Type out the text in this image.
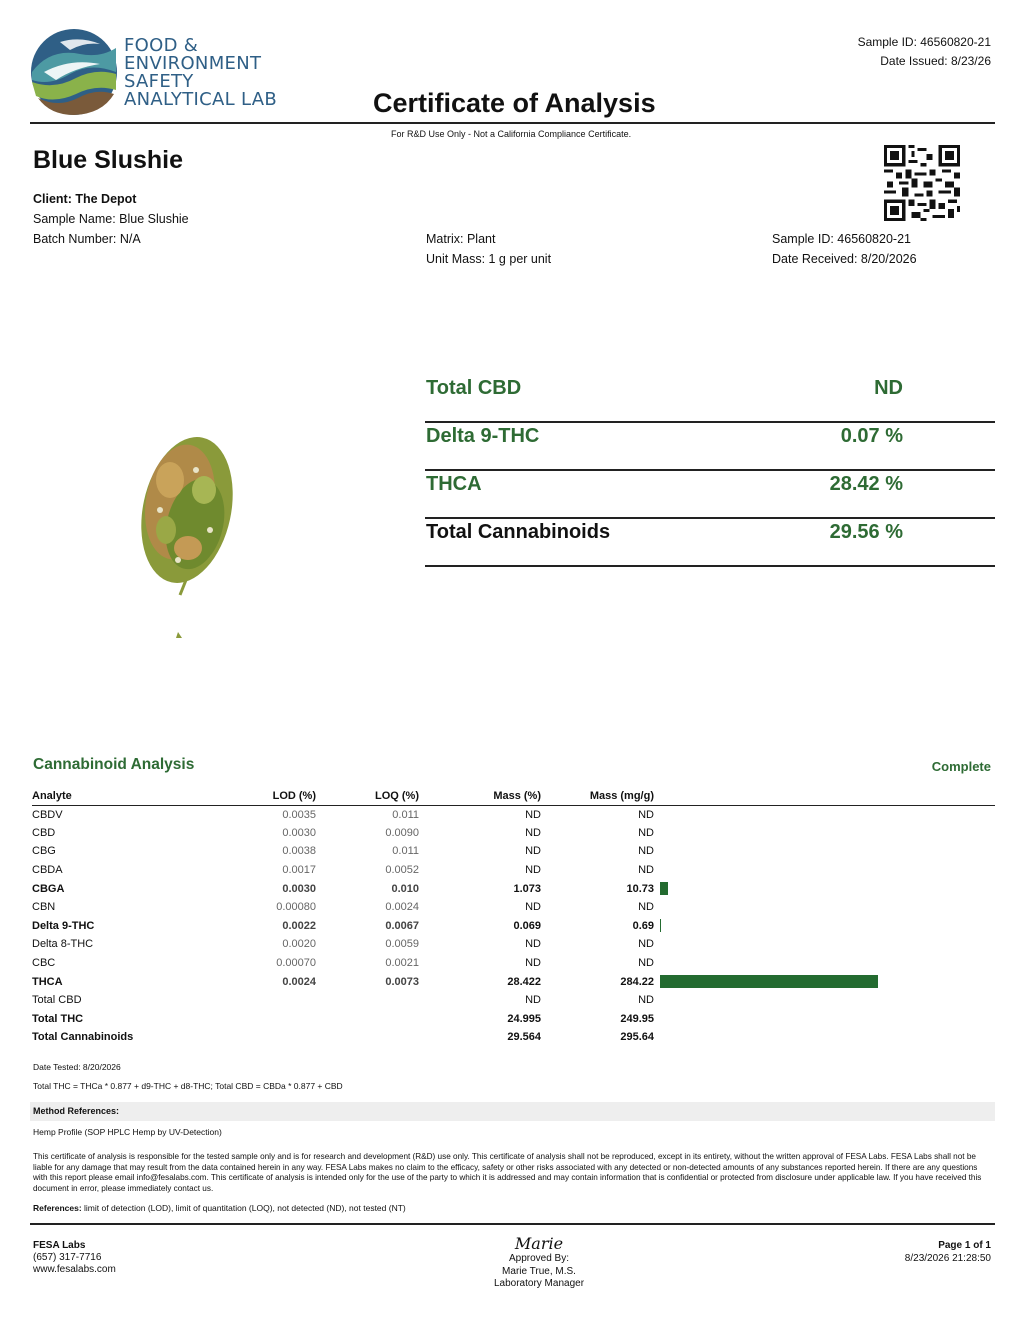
FOOD &
ENVIRONMENT
SAFETY
ANALYTICAL LAB
Sample ID: 46560820-21
Date Issued: 8/23/26
Certificate of Analysis
For R&D Use Only - Not a California Compliance Certificate.
Blue Slushie
Client: The Depot
Sample Name: Blue Slushie
Batch Number: N/A	Matrix: Plant
Unit Mass: 1 g per unit
Sample ID: 46560820-21
Date Received: 8/20/2026
Total CBD	ND
Delta 9-THC	0.07 %
THCA	28.42 %
Total Cannabinoids	29.56 %
Cannabinoid Analysis	Complete
Analyte	LOD (%)	LOQ (%)	Mass (%)	Mass (mg/g)	
CBDV	0.0035	0.011	ND	ND	
CBD	0.0030	0.0090	ND	ND	
CBG	0.0038	0.011	ND	ND	
CBDA	0.0017	0.0052	ND	ND	
CBGA	0.0030	0.010	1.073	10.73	

CBN	0.00080	0.0024	ND	ND	
Delta 9-THC	0.0022	0.0067	0.069	0.69	

Delta 8-THC	0.0020	0.0059	ND	ND	
CBC	0.00070	0.0021	ND	ND	
THCA	0.0024	0.0073	28.422	284.22	

Total CBD			ND	ND	
Total THC			24.995	249.95	
Total Cannabinoids			29.564	295.64	
Date Tested: 8/20/2026
Total THC = THCa * 0.877 + d9-THC + d8-THC; Total CBD = CBDa * 0.877 + CBD
Method References:
Hemp Profile (SOP HPLC Hemp by UV-Detection)
This certificate of analysis is responsible for the tested sample only and is for research and development (R&D) use only. This certificate of analysis shall not be reproduced, except in its entirety, without the written approval of FESA Labs. FESA Labs shall not be liable for any damage that may result from the data contained herein in any way. FESA Labs makes no claim to the efficacy, safety or other risks associated with any detected or non-detected amounts of any substances reported herein. If there are any questions with this report please email info@fesalabs.com. This certificate of analysis is intended only for the use of the party to which it is addressed and may contain information that is confidential or protected from disclosure under applicable law. If you have received this document in error, please immediately contact us.
References: limit of detection (LOD), limit of quantitation (LOQ), not detected (ND), not tested (NT)
FESA Labs
(657) 317-7716
www.fesalabs.com
Marie
Approved By:
Marie True, M.S.
Laboratory Manager
Page 1 of 1
8/23/2026 21:28:50
